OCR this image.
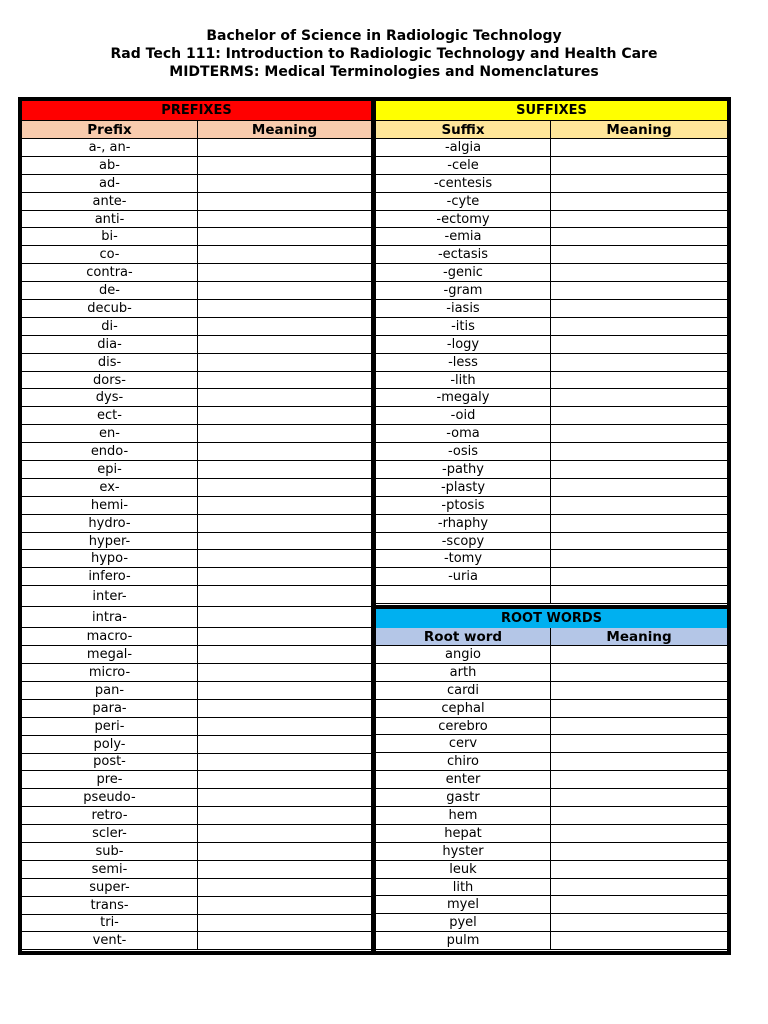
Bachelor of Science in Radiologic Technology
Rad Tech 111: Introduction to Radiologic Technology and Health Care
MIDTERMS: Medical Terminologies and Nomenclatures
PREFIXES
Prefix	Meaning
a-, an-
ab-
ad-
ante-
anti-
bi-
co-
contra-
de-
decub-
di-
dia-
dis-
dors-
dys-
ect-
en-
endo-
epi-
ex-
hemi-
hydro-
hyper-
hypo-
infero-
inter-
intra-
macro-
megal-
micro-
pan-
para-
peri-
poly-
post-
pre-
pseudo-
retro-
scler-
sub-
semi-
super-
trans-
tri-
vent-
SUFFIXES
Suffix	Meaning
-algia
-cele
-centesis
-cyte
-ectomy
-emia
-ectasis
-genic
-gram
-iasis
-itis
-logy
-less
-lith
-megaly
-oid
-oma
-osis
-pathy
-plasty
-ptosis
-rhaphy
-scopy
-tomy
-uria
ROOT WORDS
Root word	Meaning
angio
arth
cardi
cephal
cerebro
cerv
chiro
enter
gastr
hem
hepat
hyster
leuk
lith
myel
pyel
pulm
